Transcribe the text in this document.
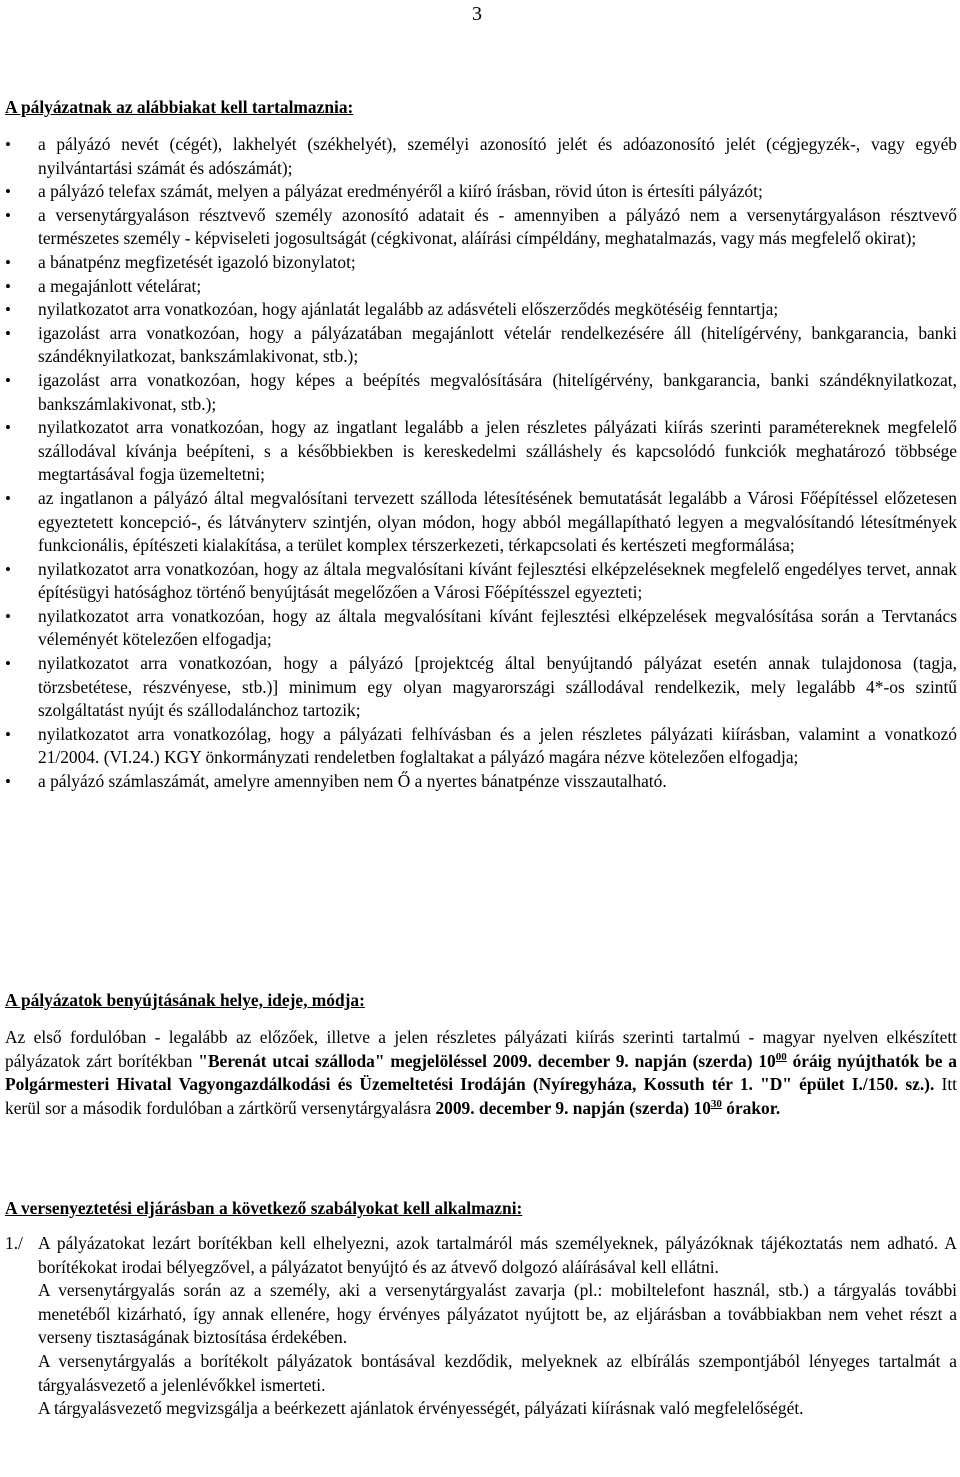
3
A pályázatnak az alábbiakat kell tartalmaznia:
• a pályázó nevét (cégét), lakhelyét (székhelyét), személyi azonosító jelét és adóazonosító jelét (cégjegyzék-, vagy egyéb nyilvántartási számát és adószámát);
• a pályázó telefax számát, melyen a pályázat eredményéről a kiíró írásban, rövid úton is értesíti pályázót;
• a versenytárgyaláson résztvevő személy azonosító adatait és - amennyiben a pályázó nem a versenytárgyaláson résztvevő természetes személy - képviseleti jogosultságát (cégkivonat, aláírási címpéldány, meghatalmazás, vagy más megfelelő okirat);
• a bánatpénz megfizetését igazoló bizonylatot;
• a megajánlott vételárat;
• nyilatkozatot arra vonatkozóan, hogy ajánlatát legalább az adásvételi előszerződés megkötéséig fenntartja;
• igazolást arra vonatkozóan, hogy a pályázatában megajánlott vételár rendelkezésére áll (hitelígérvény, bankgarancia, banki szándéknyilatkozat, bankszámlakivonat, stb.);
• igazolást arra vonatkozóan, hogy képes a beépítés megvalósítására (hitelígérvény, bankgarancia, banki szándéknyilatkozat, bankszámlakivonat, stb.);
• nyilatkozatot arra vonatkozóan, hogy az ingatlant legalább a jelen részletes pályázati kiírás szerinti paramétereknek megfelelő szállodával kívánja beépíteni, s a későbbiekben is kereskedelmi szálláshely és kapcsolódó funkciók meghatározó többsége megtartásával fogja üzemeltetni;
• az ingatlanon a pályázó által megvalósítani tervezett szálloda létesítésének bemutatását legalább a Városi Főépítéssel előzetesen egyeztetett koncepció-, és látványterv szintjén, olyan módon, hogy abból megállapítható legyen a megvalósítandó létesítmények funkcionális, építészeti kialakítása, a terület komplex térszerkezeti, térkapcsolati és kertészeti megformálása;
• nyilatkozatot arra vonatkozóan, hogy az általa megvalósítani kívánt fejlesztési elképzeléseknek megfelelő engedélyes tervet, annak építésügyi hatósághoz történő benyújtását megelőzően a Városi Főépítésszel egyezteti;
• nyilatkozatot arra vonatkozóan, hogy az általa megvalósítani kívánt fejlesztési elképzelések megvalósítása során a Tervtanács véleményét kötelezően elfogadja;
• nyilatkozatot arra vonatkozóan, hogy a pályázó [projektcég által benyújtandó pályázat esetén annak tulajdonosa (tagja, törzsbetétese, részvényese, stb.)] minimum egy olyan magyarországi szállodával rendelkezik, mely legalább 4*-os szintű szolgáltatást nyújt és szállodalánchoz tartozik;
• nyilatkozatot arra vonatkozólag, hogy a pályázati felhívásban és a jelen részletes pályázati kiírásban, valamint a vonatkozó 21/2004. (VI.24.) KGY önkormányzati rendeletben foglaltakat a pályázó magára nézve kötelezően elfogadja;
• a pályázó számlaszámát, amelyre amennyiben nem Ő a nyertes bánatpénze visszautalható.
A pályázatok benyújtásának helye, ideje, módja:

Az első fordulóban - legalább az előzőek, illetve a jelen részletes pályázati kiírás szerinti tartalmú - magyar nyelven elkészített pályázatok zárt borítékban "Berenát utcai szálloda" megjelöléssel 2009. december 9. napján (szerda) $10^{00}$ óráig nyújthatók be a Polgármesteri Hivatal Vagyongazdálkodási és Üzemeltetési Irodáján (Nyíregyháza, Kossuth tér 1. "D" épület I./150. sz.). Itt kerül sor a második fordulóban a zártkörű versenytárgyalásra 2009. december 9. napján (szerda) $10^{30}$ órakor.

A versenyeztetési eljárásban a következő szabályokat kell alkalmazni:
1./ A pályázatokat lezárt borítékban kell elhelyezni, azok tartalmáról más személyeknek, pályázóknak tájékoztatás nem adható. A borítékokat irodai bélyegzővel, a pályázatot benyújtó és az átvevő dolgozó aláírásával kell ellátni.

A versenytárgyalás során az a személy, aki a versenytárgyalást zavarja (pl.: mobiltelefont használ, stb.) a tárgyalás további menetéből kizárható, így annak ellenére, hogy érvényes pályázatot nyújtott be, az eljárásban a továbbiakban nem vehet részt a verseny tisztaságának biztosítása érdekében.

A versenytárgyalás a borítékolt pályázatok bontásával kezdődik, melyeknek az elbírálás szempontjából lényeges tartalmát a tárgyalásvezető a jelenlévőkkel ismerteti.

A tárgyalásvezető megvizsgálja a beérkezett ajánlatok érvényességét, pályázati kiírásnak való megfelelőségét.
